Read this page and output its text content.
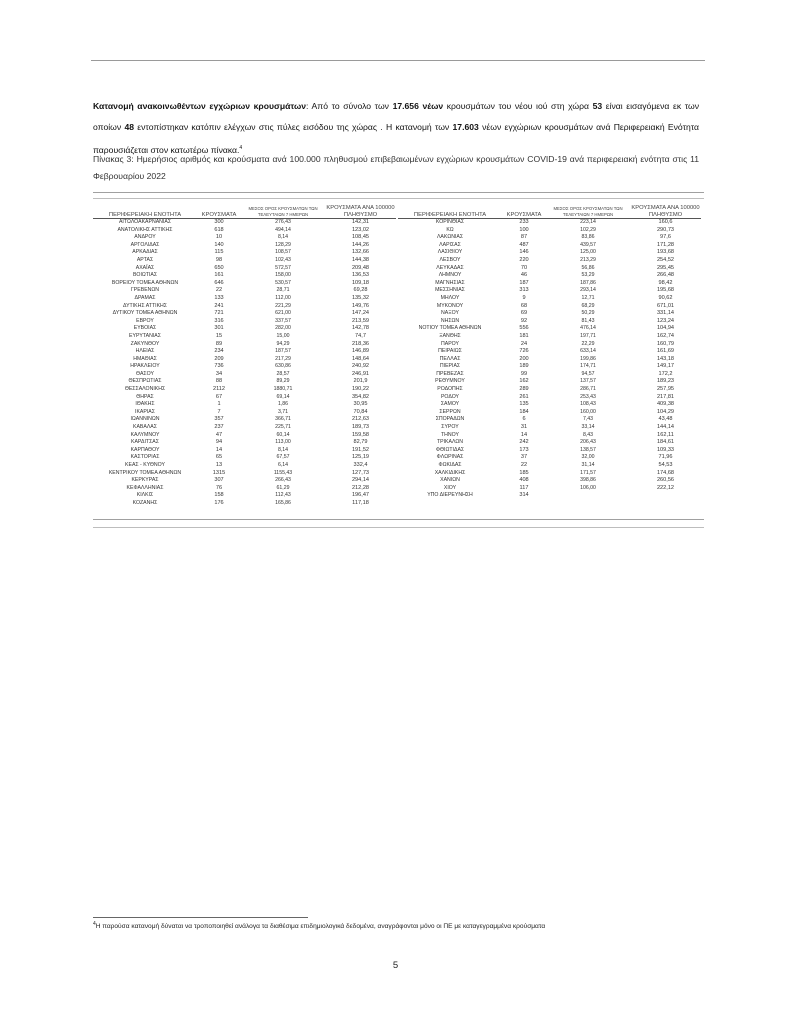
Κατανομή ανακοινωθέντων εγχώριων κρουσμάτων: Από το σύνολο των 17.656 νέων κρουσμάτων του νέου ιού στη χώρα 53 είναι εισαγόμενα εκ των οποίων 48 εντοπίστηκαν κατόπιν ελέγχων στις πύλες εισόδου της χώρας . Η κατανομή των 17.603 νέων εγχώριων κρουσμάτων ανά Περιφερειακή Ενότητα παρουσιάζεται στον κατωτέρω πίνακα.$^4$

Πίνακας 3: Ημερήσιος αριθμός και κρούσματα ανά 100.000 πληθυσμού επιβεβαιωμένων εγχώριων κρουσμάτων COVID-19 ανά περιφερειακή ενότητα στις 11 Φεβρουαρίου 2022

ΠΕΡΙΦΕΡΕΙΑΚΗ ΕΝΟΤΗΤΑ	ΚΡΟΥΣΜΑΤΑ	ΜΕΣΟΣ ΟΡΟΣ ΚΡΟΥΣΜΑΤΩΝ ΤΩΝ ΤΕΛΕΥΤΑΙΩΝ 7 ΗΜΕΡΩΝ	ΚΡΟΥΣΜΑΤΑ ΑΝΑ 100000 ΠΛΗΘΥΣΜΟ
ΑΙΤΩΛΟΑΚΑΡΝΑΝΙΑΣ	300	276,43	142,31
ΑΝΑΤΟΛΙΚΗΣ ΑΤΤΙΚΗΣ	618	494,14	123,02
ΑΝΔΡΟΥ	10	8,14	108,45
ΑΡΓΟΛΙΔΑΣ	140	128,29	144,26
ΑΡΚΑΔΙΑΣ	115	108,57	132,66
ΑΡΤΑΣ	98	102,43	144,38
ΑΧΑΪΑΣ	650	572,57	209,48
ΒΟΙΩΤΙΑΣ	161	158,00	136,53
ΒΟΡΕΙΟΥ ΤΟΜΕΑ ΑΘΗΝΩΝ	646	530,57	109,18
ΓΡΕΒΕΝΩΝ	22	28,71	69,28
ΔΡΑΜΑΣ	133	112,00	135,32
ΔΥΤΙΚΗΣ ΑΤΤΙΚΗΣ	241	221,29	149,76
ΔΥΤΙΚΟΥ ΤΟΜΕΑ ΑΘΗΝΩΝ	721	621,00	147,24
ΕΒΡΟΥ	316	337,57	213,59
ΕΥΒΟΙΑΣ	301	282,00	142,78
ΕΥΡΥΤΑΝΙΑΣ	15	15,00	74,7
ΖΑΚΥΝΘΟΥ	89	94,29	218,36
ΗΛΕΙΑΣ	234	187,57	146,89
ΗΜΑΘΙΑΣ	209	217,29	148,64
ΗΡΑΚΛΕΙΟΥ	736	630,86	240,92
ΘΑΣΟΥ	34	28,57	246,91
ΘΕΣΠΡΩΤΙΑΣ	88	89,29	201,9
ΘΕΣΣΑΛΟΝΙΚΗΣ	2112	1880,71	190,22
ΘΗΡΑΣ	67	69,14	354,82
ΙΘΑΚΗΣ	1	1,86	30,95
ΙΚΑΡΙΑΣ	7	3,71	70,84
ΙΩΑΝΝΙΝΩΝ	357	366,71	212,63
ΚΑΒΑΛΑΣ	237	225,71	189,73
ΚΑΛΥΜΝΟΥ	47	60,14	159,58
ΚΑΡΔΙΤΣΑΣ	94	113,00	82,79
ΚΑΡΠΑΘΟΥ	14	8,14	191,52
ΚΑΣΤΟΡΙΑΣ	65	67,57	125,19
ΚΕΑΣ - ΚΥΘΝΟΥ	13	6,14	332,4
ΚΕΝΤΡΙΚΟΥ ΤΟΜΕΑ ΑΘΗΝΩΝ	1315	1155,43	127,73
ΚΕΡΚΥΡΑΣ	307	266,43	294,14
ΚΕΦΑΛΛΗΝΙΑΣ	76	61,29	212,28
ΚΙΛΚΙΣ	158	112,43	196,47
ΚΟΖΑΝΗΣ	176	165,86	117,18
ΠΕΡΙΦΕΡΕΙΑΚΗ ΕΝΟΤΗΤΑ	ΚΡΟΥΣΜΑΤΑ	ΜΕΣΟΣ ΟΡΟΣ ΚΡΟΥΣΜΑΤΩΝ ΤΩΝ ΤΕΛΕΥΤΑΙΩΝ 7 ΗΜΕΡΩΝ	ΚΡΟΥΣΜΑΤΑ ΑΝΑ 100000 ΠΛΗΘΥΣΜΟ
ΚΟΡΙΝΘΙΑΣ	233	223,14	160,6
ΚΩ	100	102,29	290,73
ΛΑΚΩΝΙΑΣ	87	83,86	97,6
ΛΑΡΙΣΑΣ	487	439,57	171,28
ΛΑΣΙΘΙΟΥ	146	125,00	193,68
ΛΕΣΒΟΥ	220	213,29	254,52
ΛΕΥΚΑΔΑΣ	70	56,86	295,45
ΛΗΜΝΟΥ	46	53,29	266,48
ΜΑΓΝΗΣΙΑΣ	187	187,86	98,42
ΜΕΣΣΗΝΙΑΣ	313	293,14	195,68
ΜΗΛΟΥ	9	12,71	90,62
ΜΥΚΟΝΟΥ	68	68,29	671,01
ΝΑΞΟΥ	69	50,29	331,14
ΝΗΣΩΝ	92	81,43	123,24
ΝΟΤΙΟΥ ΤΟΜΕΑ ΑΘΗΝΩΝ	556	476,14	104,94
ΞΑΝΘΗΣ	181	197,71	162,74
ΠΑΡΟΥ	24	22,29	160,79
ΠΕΙΡΑΙΩΣ	726	633,14	161,69
ΠΕΛΛΑΣ	200	199,86	143,18
ΠΙΕΡΙΑΣ	189	174,71	149,17
ΠΡΕΒΕΖΑΣ	99	94,57	172,2
ΡΕΘΥΜΝΟΥ	162	137,57	189,23
ΡΟΔΟΠΗΣ	289	286,71	257,95
ΡΟΔΟΥ	261	253,43	217,81
ΣΑΜΟΥ	135	108,43	409,38
ΣΕΡΡΩΝ	184	160,00	104,29
ΣΠΟΡΑΔΩΝ	6	7,43	43,48
ΣΥΡΟΥ	31	33,14	144,14
ΤΗΝΟΥ	14	8,43	162,11
ΤΡΙΚΑΛΩΝ	242	206,43	184,61
ΦΘΙΩΤΙΔΑΣ	173	138,57	109,33
ΦΛΩΡΙΝΑΣ	37	32,00	71,96
ΦΩΚΙΔΑΣ	22	31,14	54,53
ΧΑΛΚΙΔΙΚΗΣ	185	171,57	174,68
ΧΑΝΙΩΝ	408	398,86	260,56
ΧΙΟΥ	117	106,00	222,12
ΥΠΟ ΔΙΕΡΕΥΝΗΣΗ	314		
$^4$Η παρούσα κατανομή δύναται να τροποποιηθεί ανάλογα τα διαθέσιμα επιδημιολογικά δεδομένα, αναγράφονται μόνο οι ΠΕ με καταγεγραμμένα κρούσματα
5
